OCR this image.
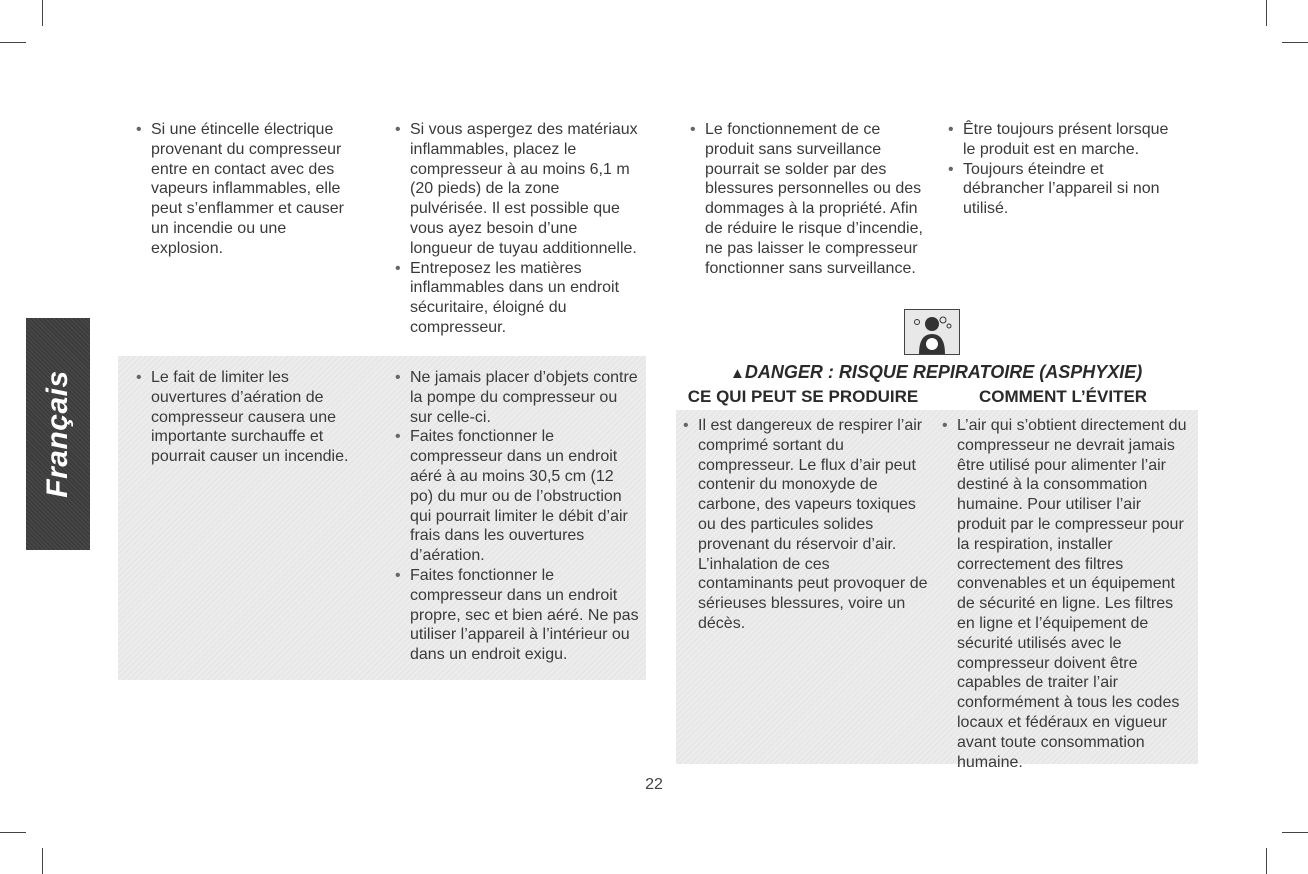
Français
• Si une étincelle électrique provenant du compresseur entre en contact avec des vapeurs inflammables, elle peut s’enflammer et causer un incendie ou une explosion.
• Le fait de limiter les ouvertures d’aération de compresseur causera une importante surchauffe et pourrait causer un incendie.
• Si vous aspergez des matériaux inflammables, placez le compresseur à au moins 6,1 m (20 pieds) de la zone pulvérisée. Il est possible que vous ayez besoin d’une longueur de tuyau additionnelle.
• Entreposez les matières inflammables dans un endroit sécuritaire, éloigné du compresseur.
• Ne jamais placer d’objets contre la pompe du compresseur ou sur celle-ci.
• Faites fonctionner le compresseur dans un endroit aéré à au moins 30,5 cm (12 po) du mur ou de l’obstruction qui pourrait limiter le débit d’air frais dans les ouvertures d’aération.
• Faites fonctionner le compresseur dans un endroit propre, sec et bien aéré. Ne pas utiliser l’appareil à l’intérieur ou dans un endroit exigu.
• Le fonctionnement de ce produit sans surveillance pourrait se solder par des blessures personnelles ou des dommages à la propriété. Afin de réduire le risque d’incendie, ne pas laisser le compresseur fonctionner sans surveillance.
• Il est dangereux de respirer l’air comprimé sortant du compresseur. Le flux d’air peut contenir du monoxyde de carbone, des vapeurs toxiques ou des particules solides provenant du réservoir d’air. L’inhalation de ces contaminants peut provoquer de sérieuses blessures, voire un décès.
• Être toujours présent lorsque le produit est en marche.
• Toujours éteindre et débrancher l’appareil si non utilisé.
• L’air qui s’obtient directement du compresseur ne devrait jamais être utilisé pour alimenter l’air destiné à la consommation humaine. Pour utiliser l’air produit par le compresseur pour la respiration, installer correctement des filtres convenables et un équipement de sécurité en ligne. Les filtres en ligne et l’équipement de sécurité utilisés avec le compresseur doivent être capables de traiter l’air conformément à tous les codes locaux et fédéraux en vigueur avant toute consommation humaine.
▲DANGER : RISQUE REPIRATOIRE (ASPHYXIE)
CE QUI PEUT SE PRODUIRE	COMMENT L’ÉVITER
22
